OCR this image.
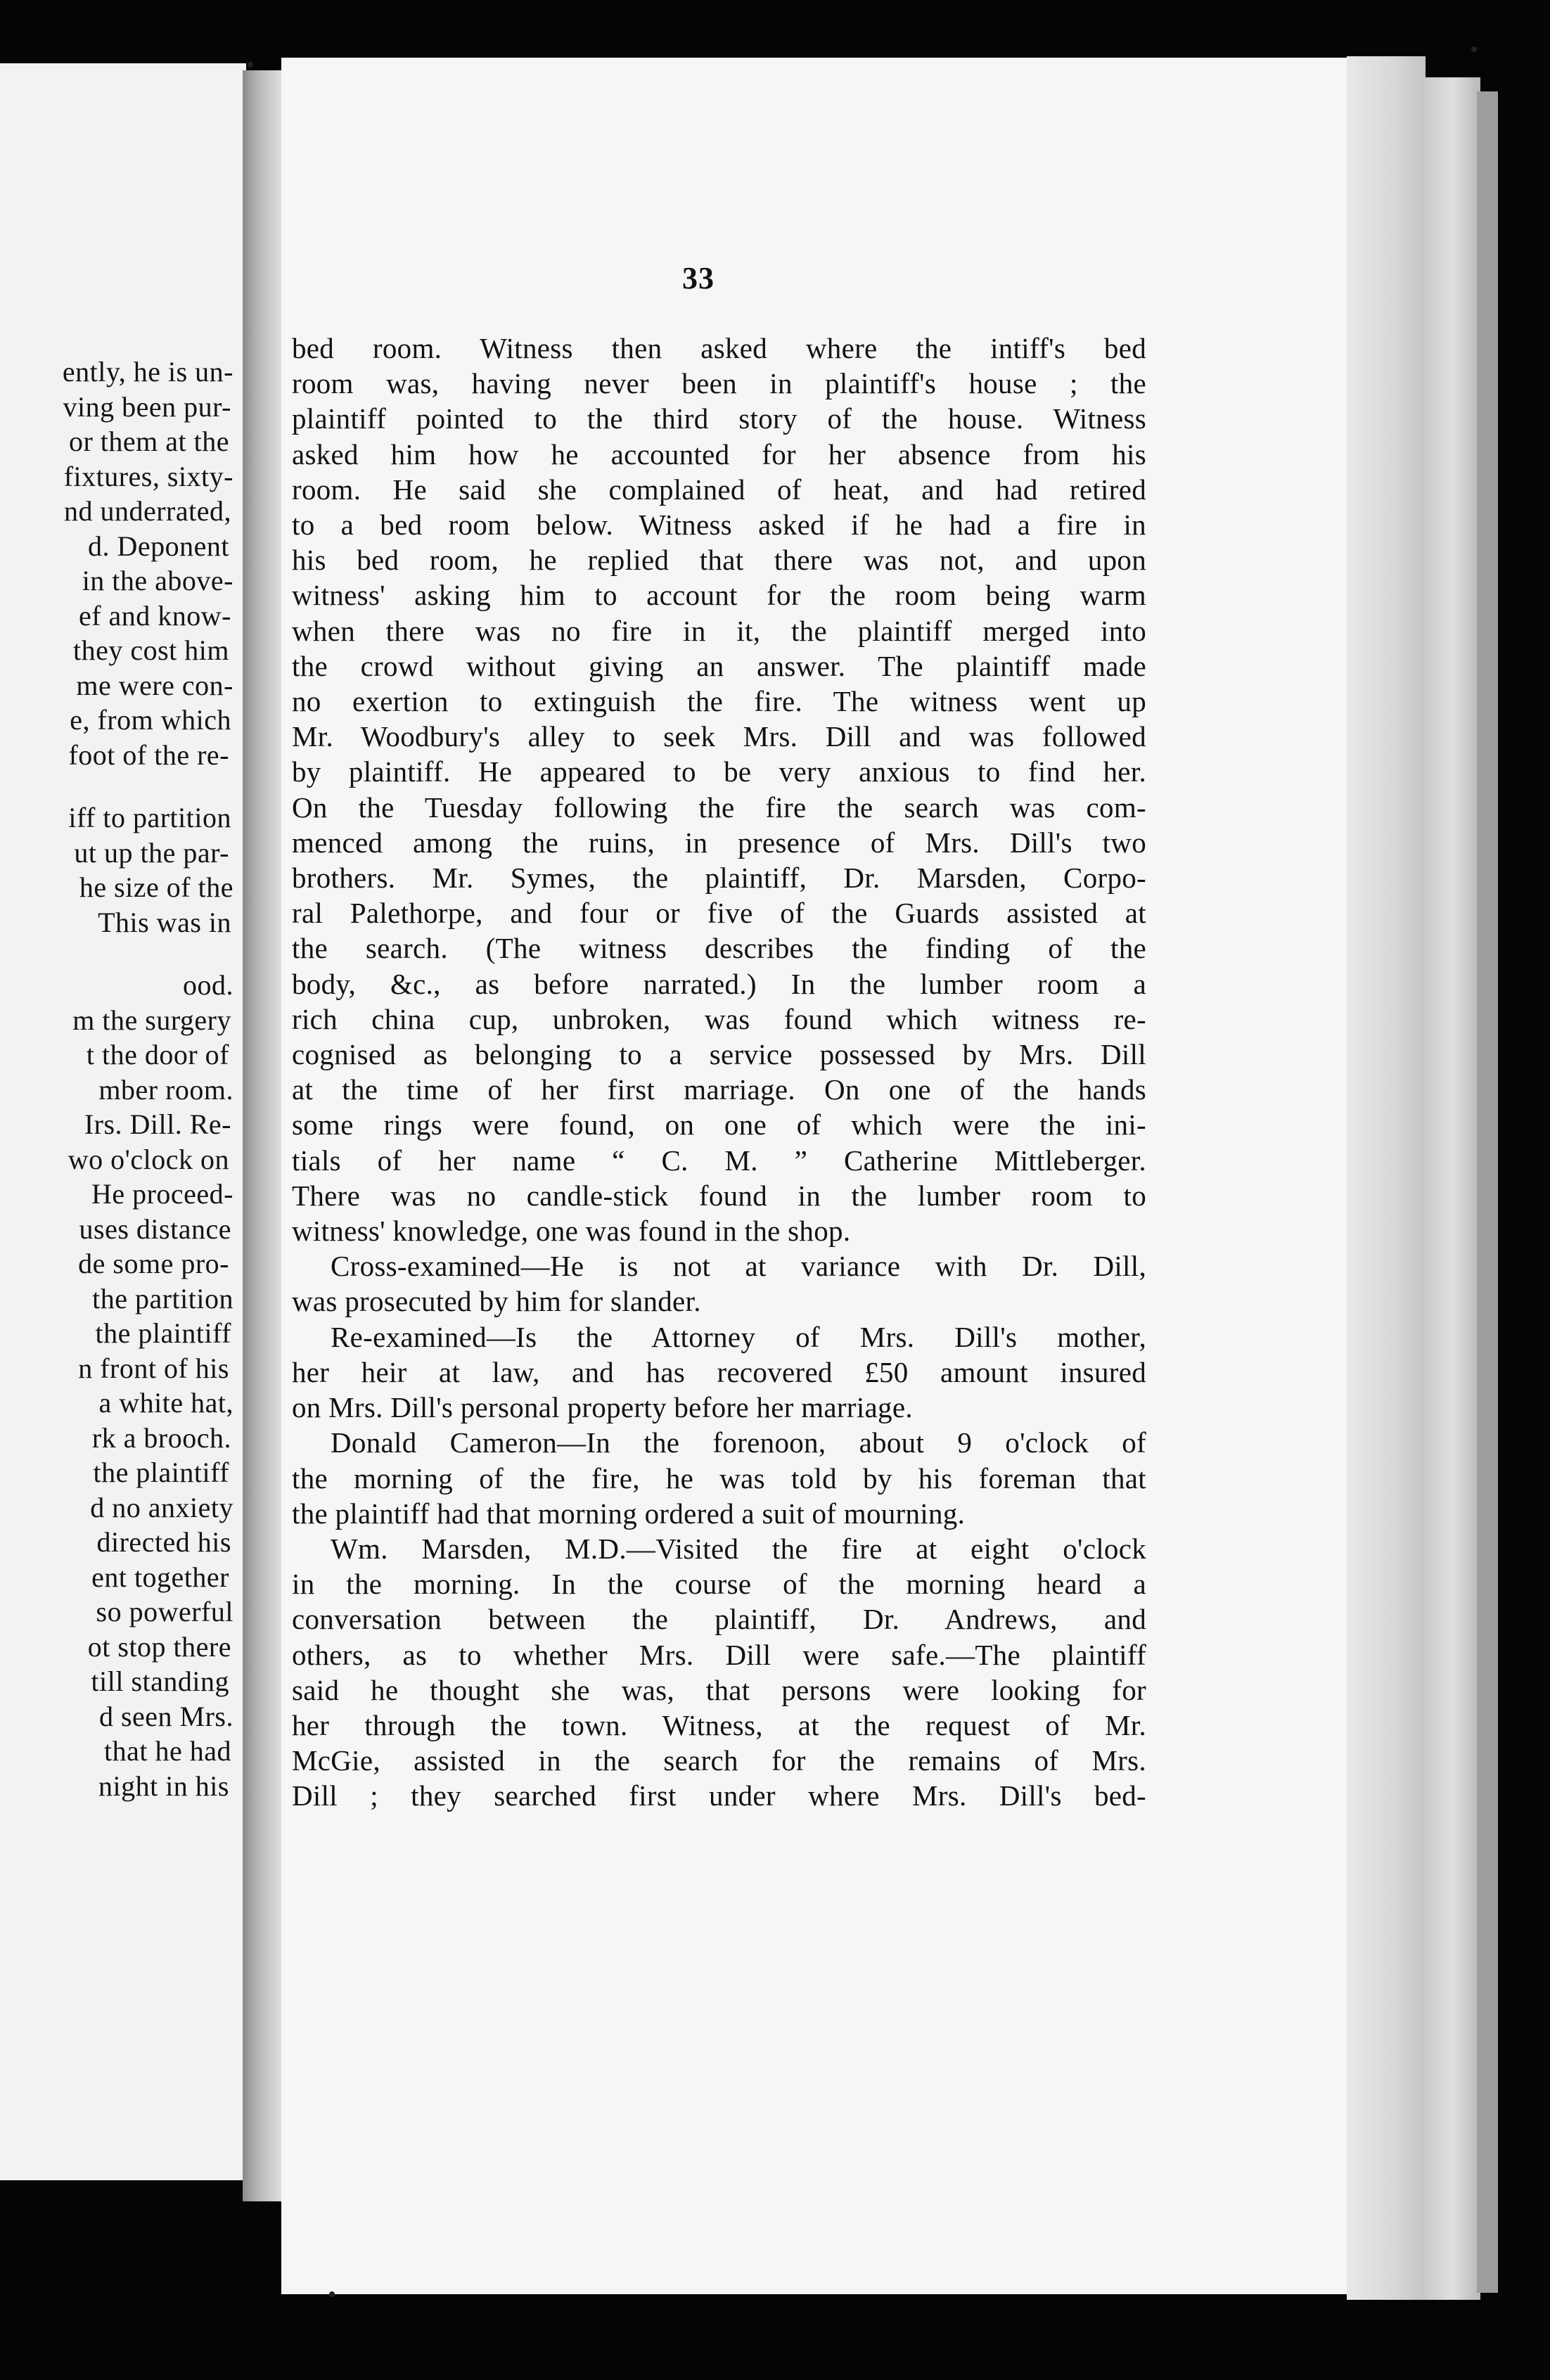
ently, he is un-
ving been pur-
or them at the
fixtures, sixty-
nd underrated,
d. Deponent
in the above-
ef and know-
they cost him
me were con-
e, from which
foot of the re-
iff to partition
ut up the par-
he size of the
This was in
ood.
m the surgery
t the door of
mber room.
Irs. Dill. Re-
wo o'clock on
He proceed-
uses distance
de some pro-
the partition
the plaintiff
n front of his
a white hat,
rk a brooch.
the plaintiff
d no anxiety
directed his
ent together
so powerful
ot stop there
till standing
d seen Mrs.
that he had
night in his
33
bed room. Witness then asked where the intiff's bed
room was, having never been in plaintiff's house ; the
plaintiff pointed to the third story of the house. Witness
asked him how he accounted for her absence from his
room. He said she complained of heat, and had retired
to a bed room below. Witness asked if he had a fire in
his bed room, he replied that there was not, and upon
witness' asking him to account for the room being warm
when there was no fire in it, the plaintiff merged into
the crowd without giving an answer. The plaintiff made
no exertion to extinguish the fire. The witness went up
Mr. Woodbury's alley to seek Mrs. Dill and was followed
by plaintiff. He appeared to be very anxious to find her.
On the Tuesday following the fire the search was com-
menced among the ruins, in presence of Mrs. Dill's two
brothers. Mr. Symes, the plaintiff, Dr. Marsden, Corpo-
ral Palethorpe, and four or five of the Guards assisted at
the search. (The witness describes the finding of the
body, &c., as before narrated.) In the lumber room a
rich china cup, unbroken, was found which witness re-
cognised as belonging to a service possessed by Mrs. Dill
at the time of her first marriage. On one of the hands
some rings were found, on one of which were the ini-
tials of her name “ C. M. ” Catherine Mittleberger.
There was no candle-stick found in the lumber room to
witness' knowledge, one was found in the shop.
Cross-examined—He is not at variance with Dr. Dill,
was prosecuted by him for slander.
Re-examined—Is the Attorney of Mrs. Dill's mother,
her heir at law, and has recovered £50 amount insured
on Mrs. Dill's personal property before her marriage.
Donald Cameron—In the forenoon, about 9 o'clock of
the morning of the fire, he was told by his foreman that
the plaintiff had that morning ordered a suit of mourning.
Wm. Marsden, M.D.—Visited the fire at eight o'clock
in the morning. In the course of the morning heard a
conversation between the plaintiff, Dr. Andrews, and
others, as to whether Mrs. Dill were safe.—The plaintiff
said he thought she was, that persons were looking for
her through the town. Witness, at the request of Mr.
McGie, assisted in the search for the remains of Mrs.
Dill ; they searched first under where Mrs. Dill's bed-
